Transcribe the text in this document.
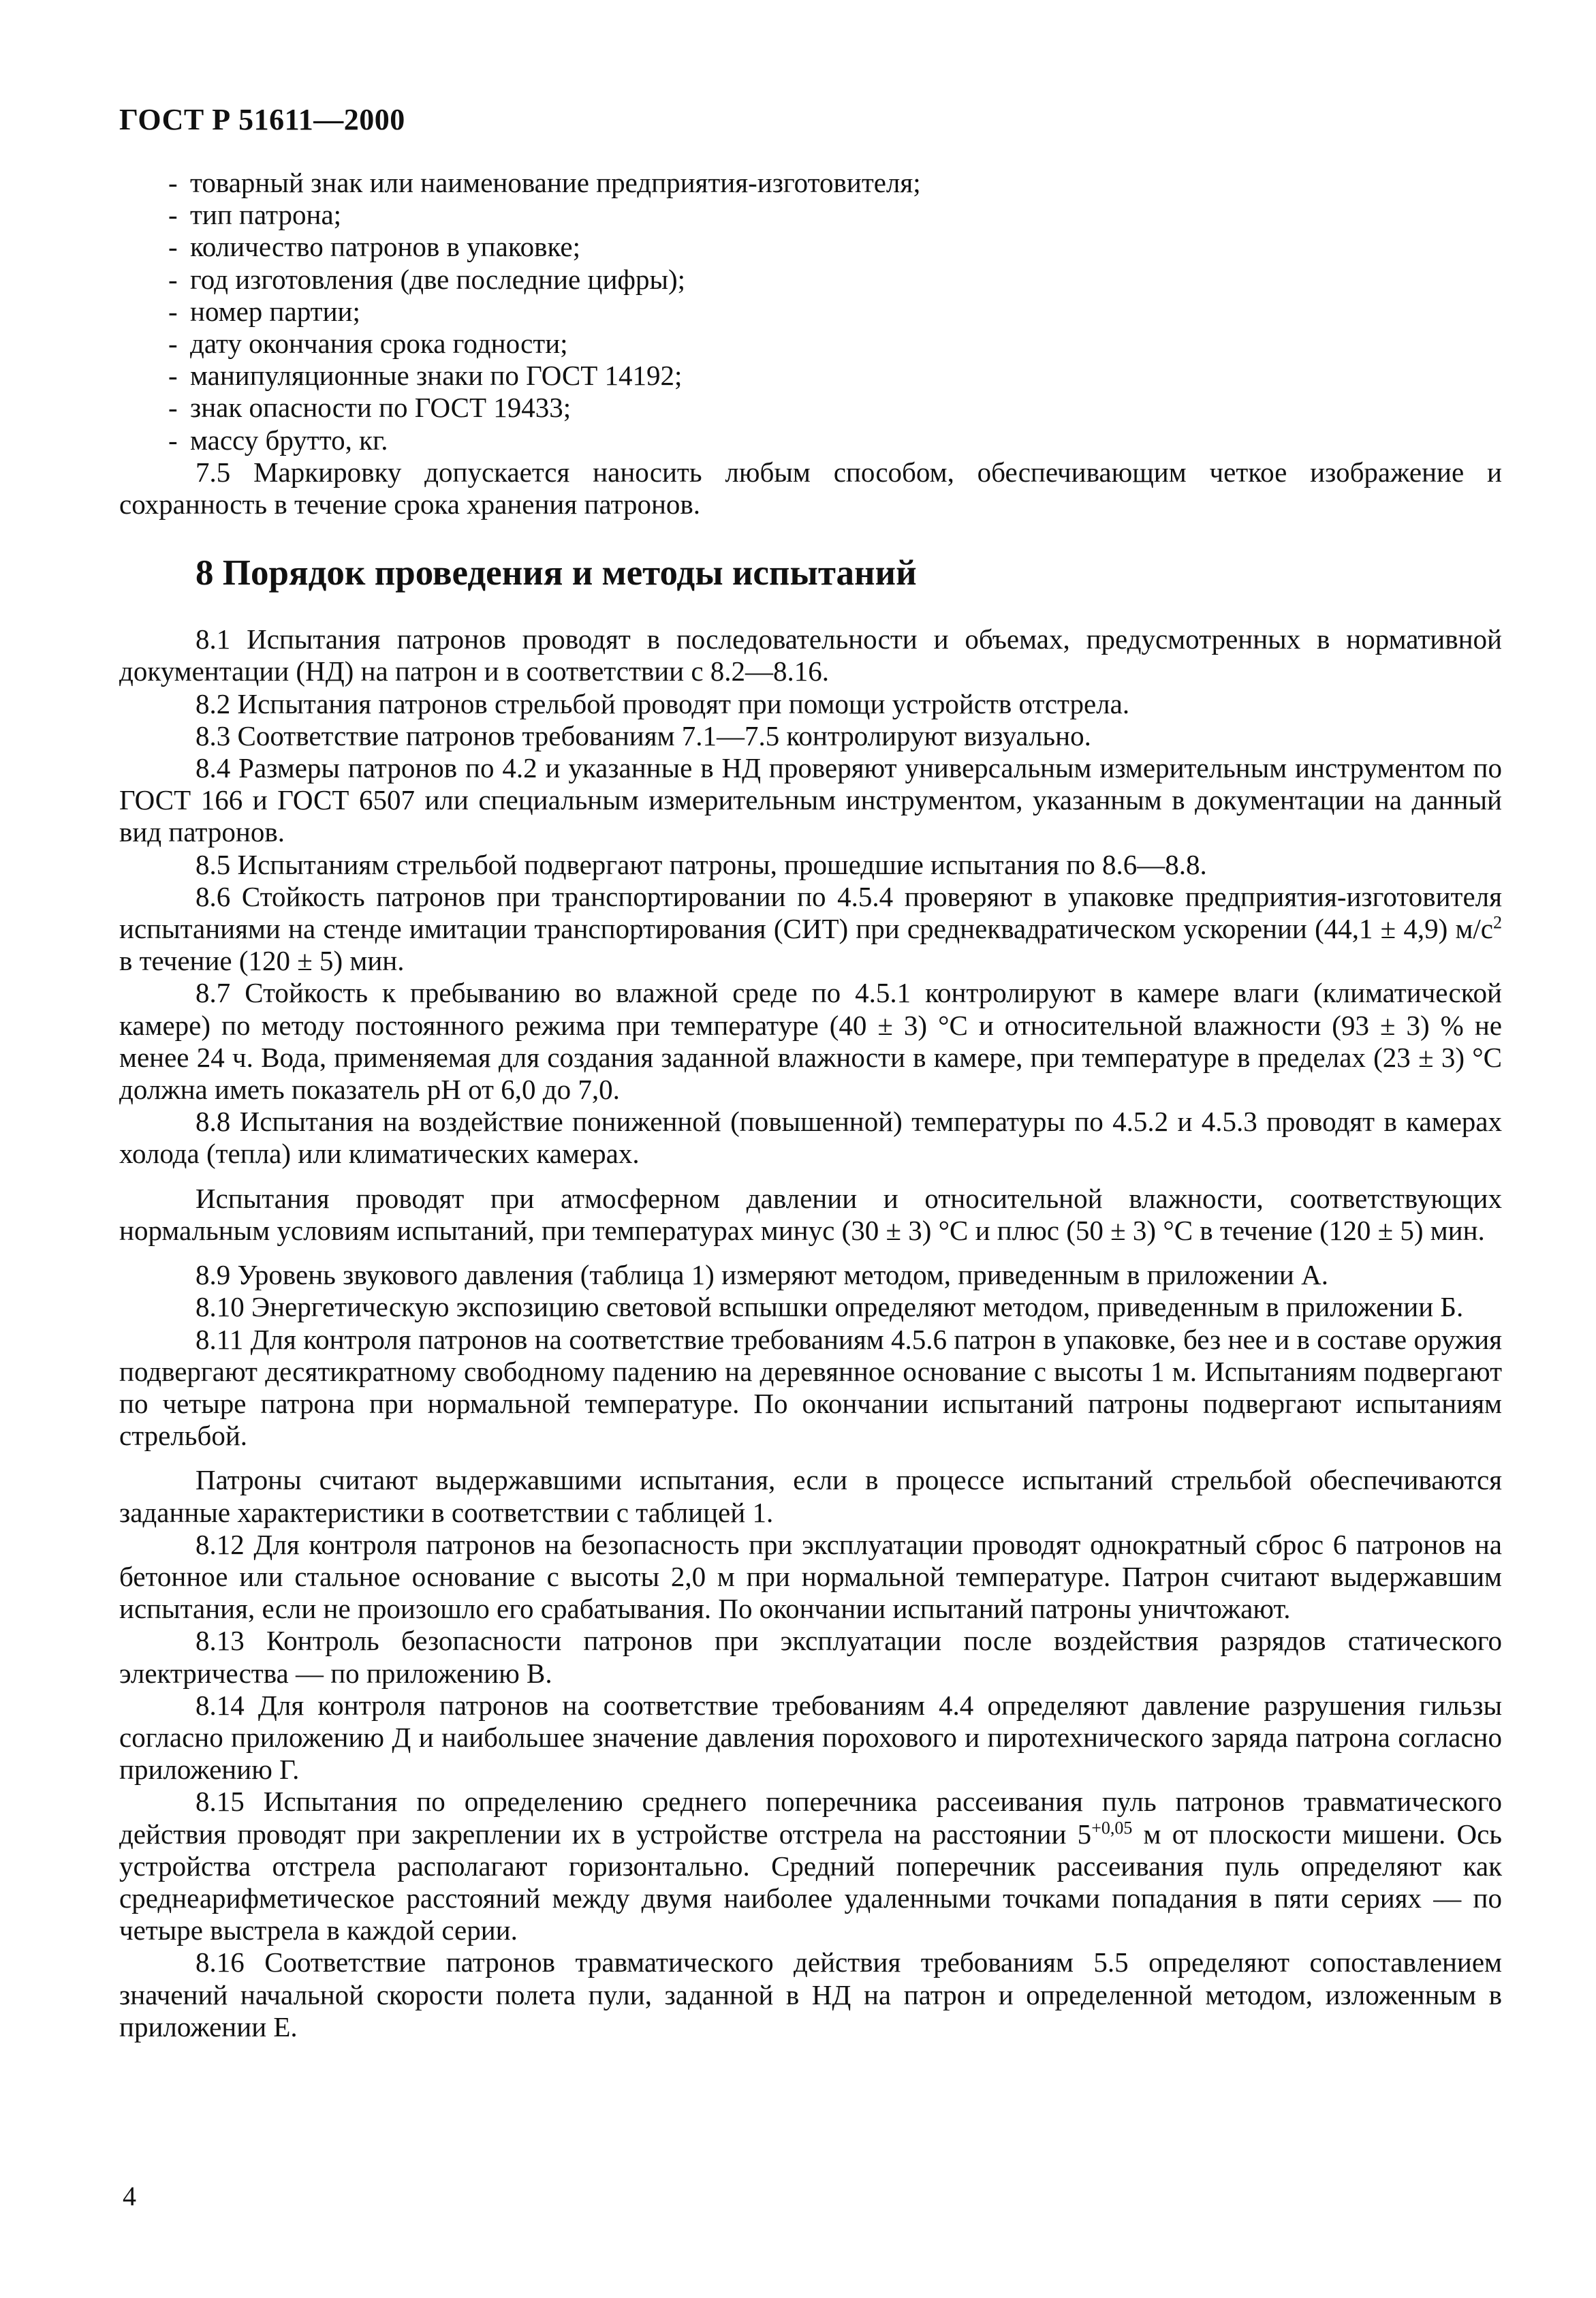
ГОСТ Р 51611—2000
- товарный знак или наименование предприятия-изготовителя;
- тип патрона;
- количество патронов в упаковке;
- год изготовления (две последние цифры);
- номер партии;
- дату окончания срока годности;
- манипуляционные знаки по ГОСТ 14192;
- знак опасности по ГОСТ 19433;
- массу брутто, кг.

7.5 Маркировку допускается наносить любым способом, обеспечивающим четкое изображение и сохранность в течение срока хранения патронов.

8 Порядок проведения и методы испытаний

8.1 Испытания патронов проводят в последовательности и объемах, предусмотренных в нормативной документации (НД) на патрон и в соответствии с 8.2—8.16.

8.2 Испытания патронов стрельбой проводят при помощи устройств отстрела.

8.3 Соответствие патронов требованиям 7.1—7.5 контролируют визуально.

8.4 Размеры патронов по 4.2 и указанные в НД проверяют универсальным измерительным инструментом по ГОСТ 166 и ГОСТ 6507 или специальным измерительным инструментом, указанным в документации на данный вид патронов.

8.5 Испытаниям стрельбой подвергают патроны, прошедшие испытания по 8.6—8.8.

8.6 Стойкость патронов при транспортировании по 4.5.4 проверяют в упаковке предприятия-изготовителя испытаниями на стенде имитации транспортирования (СИТ) при среднеквадратическом ускорении (44,1 ± 4,9) $м/с^2$ в течение (120 ± 5) мин.

8.7 Стойкость к пребыванию во влажной среде по 4.5.1 контролируют в камере влаги (климатической камере) по методу постоянного режима при температуре (40 ± 3) °С и относительной влажности (93 ± 3) % не менее 24 ч. Вода, применяемая для создания заданной влажности в камере, при температуре в пределах (23 ± 3) °С должна иметь показатель pH от 6,0 до 7,0.

8.8 Испытания на воздействие пониженной (повышенной) температуры по 4.5.2 и 4.5.3 проводят в камерах холода (тепла) или климатических камерах.

Испытания проводят при атмосферном давлении и относительной влажности, соответствующих нормальным условиям испытаний, при температурах минус (30 ± 3) °С и плюс (50 ± 3) °С в течение (120 ± 5) мин.

8.9 Уровень звукового давления (таблица 1) измеряют методом, приведенным в приложении А.

8.10 Энергетическую экспозицию световой вспышки определяют методом, приведенным в приложении Б.

8.11 Для контроля патронов на соответствие требованиям 4.5.6 патрон в упаковке, без нее и в составе оружия подвергают десятикратному свободному падению на деревянное основание с высоты 1 м. Испытаниям подвергают по четыре патрона при нормальной температуре. По окончании испытаний патроны подвергают испытаниям стрельбой.

Патроны считают выдержавшими испытания, если в процессе испытаний стрельбой обеспечиваются заданные характеристики в соответствии с таблицей 1.

8.12 Для контроля патронов на безопасность при эксплуатации проводят однократный сброс 6 патронов на бетонное или стальное основание с высоты 2,0 м при нормальной температуре. Патрон считают выдержавшим испытания, если не произошло его срабатывания. По окончании испытаний патроны уничтожают.

8.13 Контроль безопасности патронов при эксплуатации после воздействия разрядов статического электричества — по приложению В.

8.14 Для контроля патронов на соответствие требованиям 4.4 определяют давление разрушения гильзы согласно приложению Д и наибольшее значение давления порохового и пиротехнического заряда патрона согласно приложению Г.

8.15 Испытания по определению среднего поперечника рассеивания пуль патронов травматического действия проводят при закреплении их в устройстве отстрела на расстоянии $5^{+0,05}$ м от плоскости мишени. Ось устройства отстрела располагают горизонтально. Средний поперечник рассеивания пуль определяют как среднеарифметическое расстояний между двумя наиболее удаленными точками попадания в пяти сериях — по четыре выстрела в каждой серии.

8.16 Соответствие патронов травматического действия требованиям 5.5 определяют сопоставлением значений начальной скорости полета пули, заданной в НД на патрон и определенной методом, изложенным в приложении Е.

4
